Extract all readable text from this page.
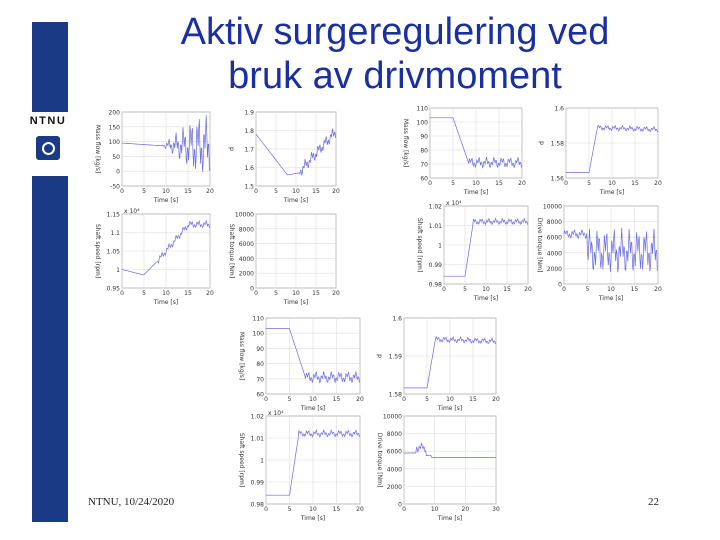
NTNU
Aktiv surgeregulering ved
bruk av drivmoment
200
150
100
50
0
-50
0	5	10 15 20
Time [s]
Mass flow [kg/s]
1.9
1.8
1.7
1.6
1.5
0	5 10 15 20
Time [s]
p
1.15
1.1
1.05
1
0.95
0	5	10 15 20
Time [s]
Shaft speed [rpm]
x 10⁴	10000
8000
6000
4000
2000
0
0	5 10 15 20
Time [s]
Shaft torque [Nm]
110
100
90
80
70
60
0	5	10	15	20
Time [s]
Mass flow [kg/s]
1.6
1.59
1.58
0	5	10	15	20
Time [s]
p
1.02
1.01
1
0.99
0.98
0	5	10	15	20
Time [s]
Shaft speed [rpm]
x 10⁴	10000
8000
6000
4000
2000
0
0	10	20	30
Time [s]
Drive torque [Nm]
110
100
90
80
70
60
0	5	10	15	20
Time [s]
Mass flow [kg/s]
1.6
1.58
1.56
0	5	10	15	20
Time [s]
p
1.02
1.01
1
0.99
0.98
0	5	10 15 20
Time [s]
Shaft speed [rpm]
x 10⁴	10000
8000
6000
4000
2000
0
0	5	10	15	20
Time [s]
Drive torque [Nm]
NTNU, 10/24/2020	22
